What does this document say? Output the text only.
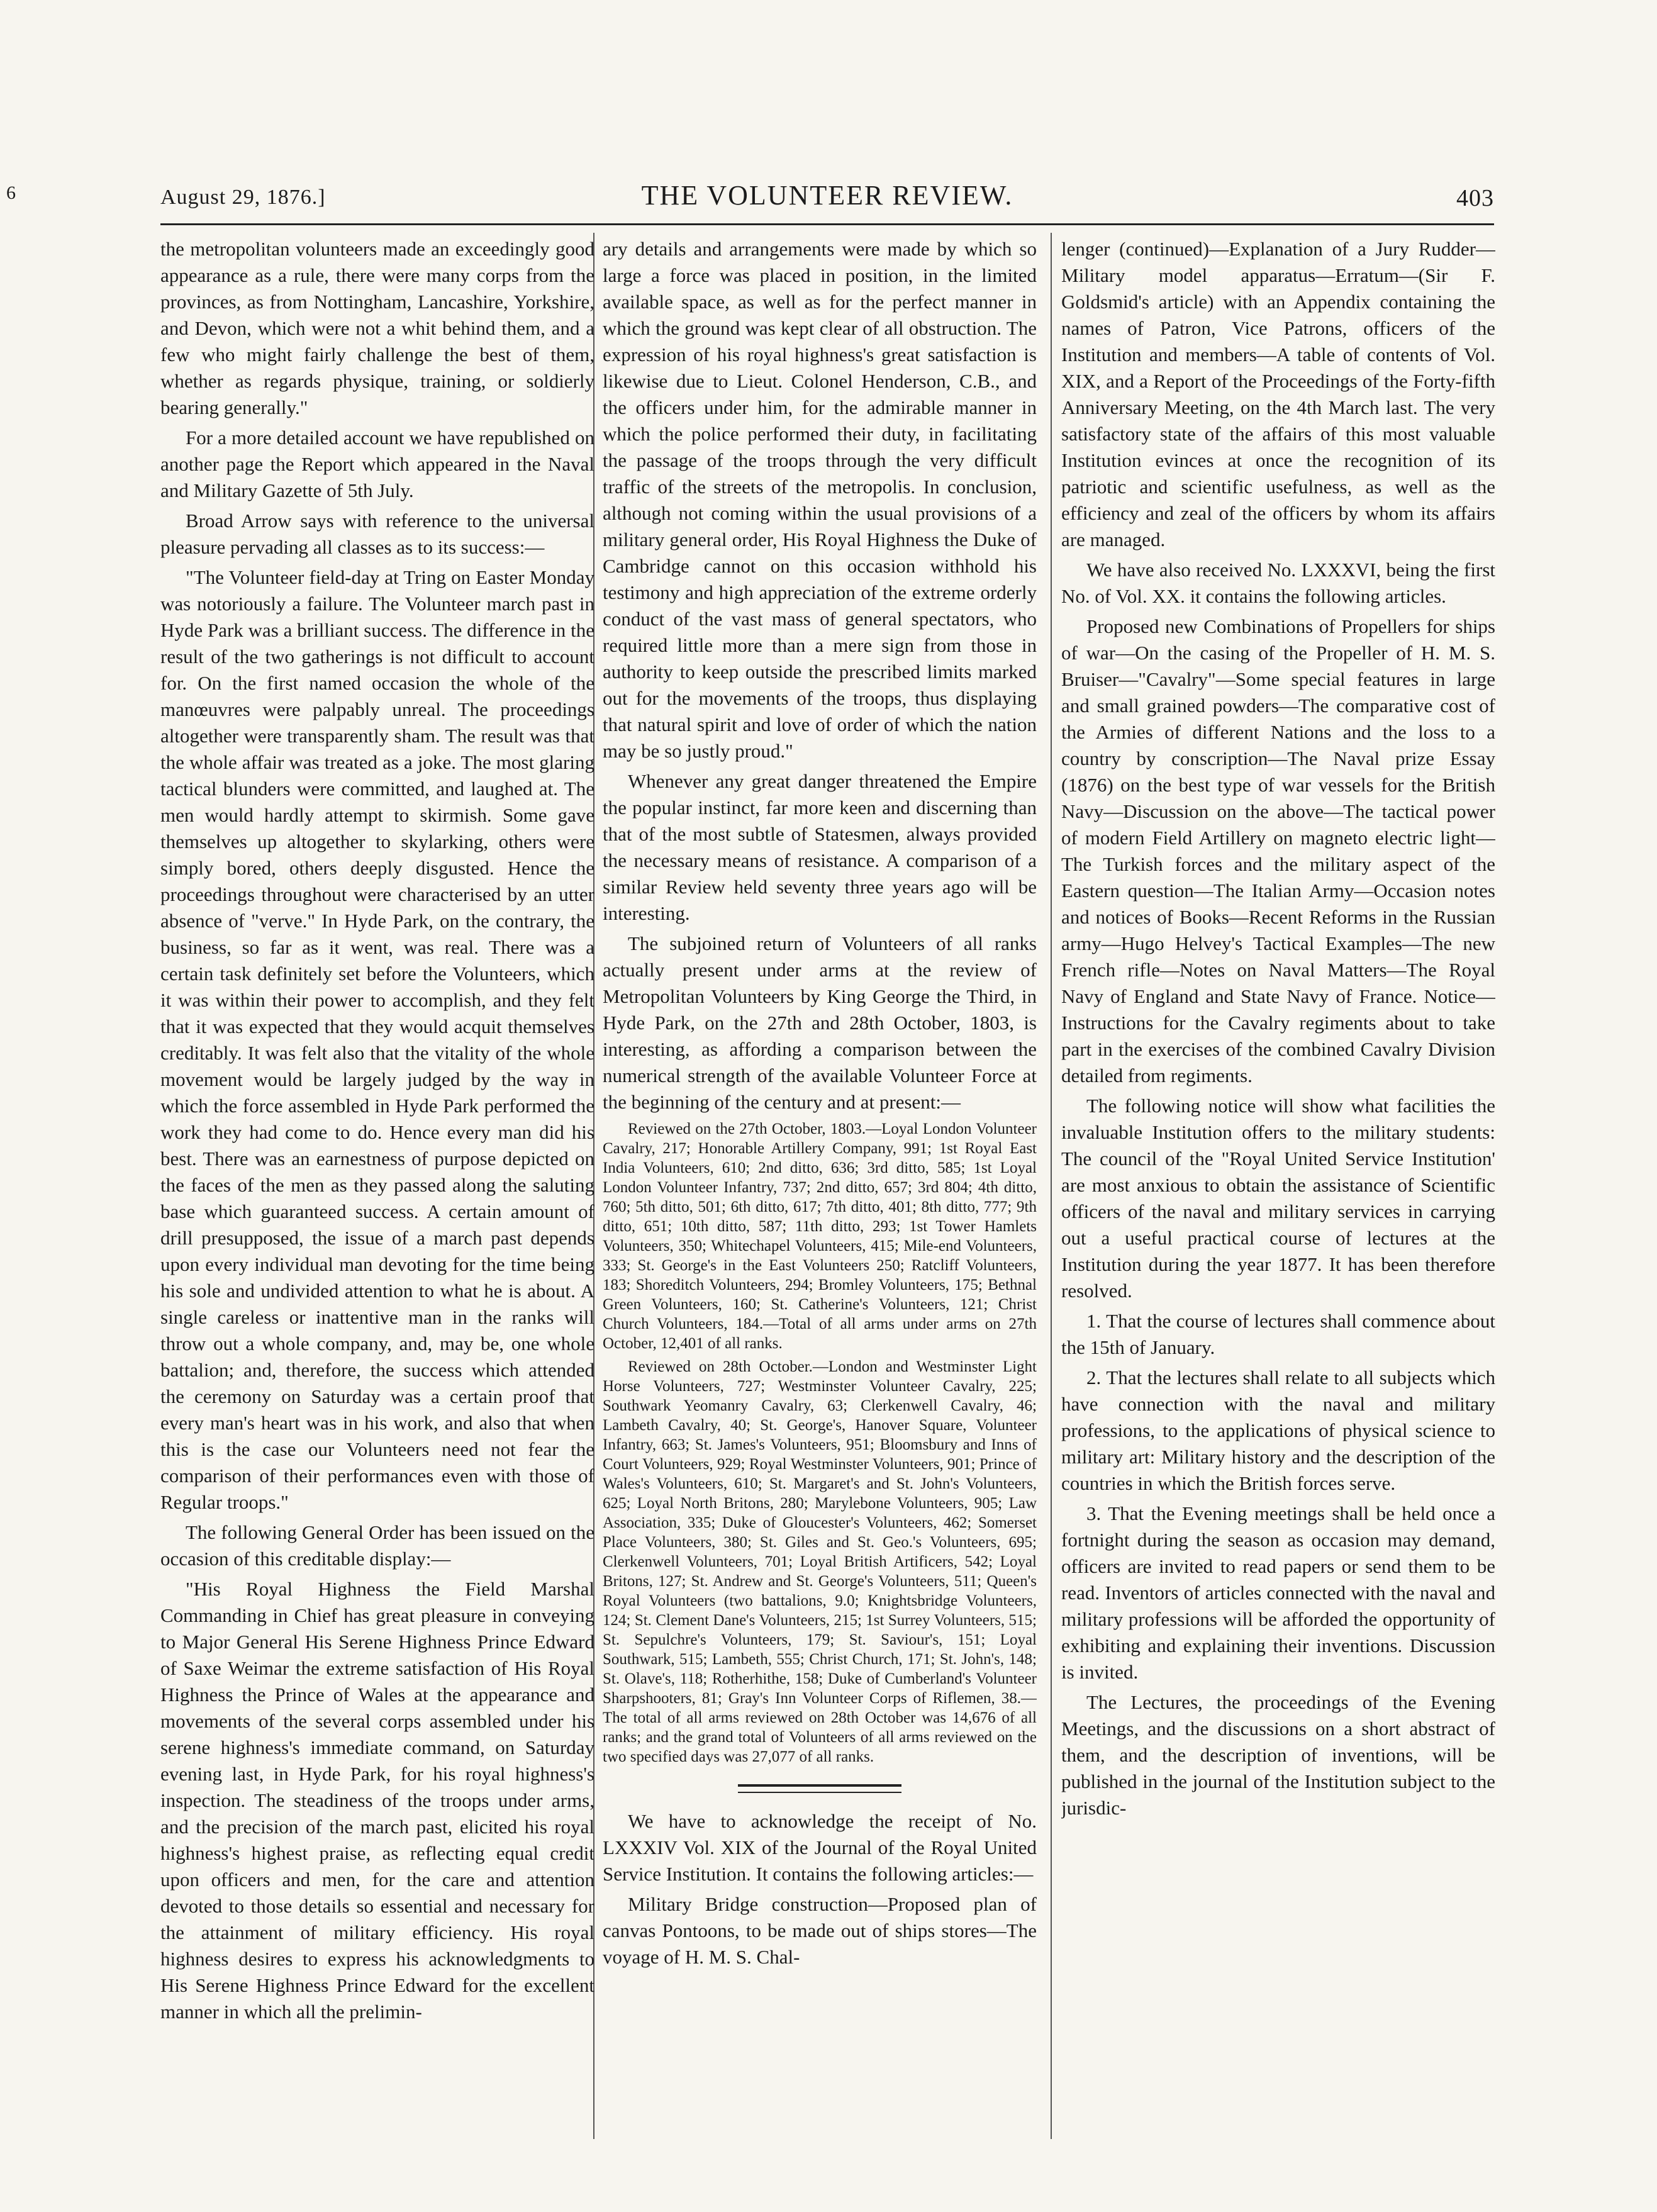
6	August 29, 1876.]	THE VOLUNTEER REVIEW.	403

the metropolitan volunteers made an exceedingly good appearance as a rule, there were many corps from the provinces, as from Nottingham, Lancashire, Yorkshire, and Devon, which were not a whit behind them, and a few who might fairly challenge the best of them, whether as regards physique, training, or soldierly bearing generally."

For a more detailed account we have republished on another page the Report which appeared in the Naval and Military Gazette of 5th July.

Broad Arrow says with reference to the universal pleasure pervading all classes as to its success:—

"The Volunteer field-day at Tring on Easter Monday was notoriously a failure. The Volunteer march past in Hyde Park was a brilliant success. The difference in the result of the two gatherings is not difficult to account for. On the first named occasion the whole of the manœuvres were palpably unreal. The proceedings altogether were transparently sham. The result was that the whole affair was treated as a joke. The most glaring tactical blunders were committed, and laughed at. The men would hardly attempt to skirmish. Some gave themselves up altogether to skylarking, others were simply bored, others deeply disgusted. Hence the proceedings throughout were characterised by an utter absence of "verve." In Hyde Park, on the contrary, the business, so far as it went, was real. There was a certain task definitely set before the Volunteers, which it was within their power to accomplish, and they felt that it was expected that they would acquit themselves creditably. It was felt also that the vitality of the whole movement would be largely judged by the way in which the force assembled in Hyde Park performed the work they had come to do. Hence every man did his best. There was an earnestness of purpose depicted on the faces of the men as they passed along the saluting base which guaranteed success. A certain amount of drill presupposed, the issue of a march past depends upon every individual man devoting for the time being his sole and undivided attention to what he is about. A single careless or inattentive man in the ranks will throw out a whole company, and, may be, one whole battalion; and, therefore, the success which attended the ceremony on Saturday was a certain proof that every man's heart was in his work, and also that when this is the case our Volunteers need not fear the comparison of their performances even with those of Regular troops."

The following General Order has been issued on the occasion of this creditable display:—

"His Royal Highness the Field Marshal Commanding in Chief has great pleasure in conveying to Major General His Serene Highness Prince Edward of Saxe Weimar the extreme satisfaction of His Royal Highness the Prince of Wales at the appearance and movements of the several corps assembled under his serene highness's immediate command, on Saturday evening last, in Hyde Park, for his royal highness's inspection. The steadiness of the troops under arms, and the precision of the march past, elicited his royal highness's highest praise, as reflecting equal credit upon officers and men, for the care and attention devoted to those details so essential and necessary for the attainment of military efficiency. His royal highness desires to express his acknowledgments to His Serene Highness Prince Edward for the excellent manner in which all the prelimin-

ary details and arrangements were made by which so large a force was placed in position, in the limited available space, as well as for the perfect manner in which the ground was kept clear of all obstruction. The expression of his royal highness's great satisfaction is likewise due to Lieut. Colonel Henderson, C.B., and the officers under him, for the admirable manner in which the police performed their duty, in facilitating the passage of the troops through the very difficult traffic of the streets of the metropolis. In conclusion, although not coming within the usual provisions of a military general order, His Royal Highness the Duke of Cambridge cannot on this occasion withhold his testimony and high appreciation of the extreme orderly conduct of the vast mass of general spectators, who required little more than a mere sign from those in authority to keep outside the prescribed limits marked out for the movements of the troops, thus displaying that natural spirit and love of order of which the nation may be so justly proud."

Whenever any great danger threatened the Empire the popular instinct, far more keen and discerning than that of the most subtle of Statesmen, always provided the necessary means of resistance. A comparison of a similar Review held seventy three years ago will be interesting.

The subjoined return of Volunteers of all ranks actually present under arms at the review of Metropolitan Volunteers by King George the Third, in Hyde Park, on the 27th and 28th October, 1803, is interesting, as affording a comparison between the numerical strength of the available Volunteer Force at the beginning of the century and at present:—

Reviewed on the 27th October, 1803.—Loyal London Volunteer Cavalry, 217; Honorable Artillery Company, 991; 1st Royal East India Volunteers, 610; 2nd ditto, 636; 3rd ditto, 585; 1st Loyal London Volunteer Infantry, 737; 2nd ditto, 657; 3rd 804; 4th ditto, 760; 5th ditto, 501; 6th ditto, 617; 7th ditto, 401; 8th ditto, 777; 9th ditto, 651; 10th ditto, 587; 11th ditto, 293; 1st Tower Hamlets Volunteers, 350; Whitechapel Volunteers, 415; Mile-end Volunteers, 333; St. George's in the East Volunteers 250; Ratcliff Volunteers, 183; Shoreditch Volunteers, 294; Bromley Volunteers, 175; Bethnal Green Volunteers, 160; St. Catherine's Volunteers, 121; Christ Church Volunteers, 184.—Total of all arms under arms on 27th October, 12,401 of all ranks.

Reviewed on 28th October.—London and Westminster Light Horse Volunteers, 727; Westminster Volunteer Cavalry, 225; Southwark Yeomanry Cavalry, 63; Clerkenwell Cavalry, 46; Lambeth Cavalry, 40; St. George's, Hanover Square, Volunteer Infantry, 663; St. James's Volunteers, 951; Bloomsbury and Inns of Court Volunteers, 929; Royal Westminster Volunteers, 901; Prince of Wales's Volunteers, 610; St. Margaret's and St. John's Volunteers, 625; Loyal North Britons, 280; Marylebone Volunteers, 905; Law Association, 335; Duke of Gloucester's Volunteers, 462; Somerset Place Volunteers, 380; St. Giles and St. Geo.'s Volunteers, 695; Clerkenwell Volunteers, 701; Loyal British Artificers, 542; Loyal Britons, 127; St. Andrew and St. George's Volunteers, 511; Queen's Royal Volunteers (two battalions, 9.0; Knightsbridge Volunteers, 124; St. Clement Dane's Volunteers, 215; 1st Surrey Volunteers, 515; St. Sepulchre's Volunteers, 179; St. Saviour's, 151; Loyal Southwark, 515; Lambeth, 555; Christ Church, 171; St. John's, 148; St. Olave's, 118; Rotherhithe, 158; Duke of Cumberland's Volunteer Sharpshooters, 81; Gray's Inn Volunteer Corps of Riflemen, 38.—The total of all arms reviewed on 28th October was 14,676 of all ranks; and the grand total of Volunteers of all arms reviewed on the two specified days was 27,077 of all ranks.

We have to acknowledge the receipt of No. LXXXIV Vol. XIX of the Journal of the Royal United Service Institution. It contains the following articles:—

Military Bridge construction—Proposed plan of canvas Pontoons, to be made out of ships stores—The voyage of H. M. S. Chal-

lenger (continued)—Explanation of a Jury Rudder—Military model apparatus—Erratum—(Sir F. Goldsmid's article) with an Appendix containing the names of Patron, Vice Patrons, officers of the Institution and members—A table of contents of Vol. XIX, and a Report of the Proceedings of the Forty-fifth Anniversary Meeting, on the 4th March last. The very satisfactory state of the affairs of this most valuable Institution evinces at once the recognition of its patriotic and scientific usefulness, as well as the efficiency and zeal of the officers by whom its affairs are managed.

We have also received No. LXXXVI, being the first No. of Vol. XX. it contains the following articles.

Proposed new Combinations of Propellers for ships of war—On the casing of the Propeller of H. M. S. Bruiser—"Cavalry"—Some special features in large and small grained powders—The comparative cost of the Armies of different Nations and the loss to a country by conscription—The Naval prize Essay (1876) on the best type of war vessels for the British Navy—Discussion on the above—The tactical power of modern Field Artillery on magneto electric light—The Turkish forces and the military aspect of the Eastern question—The Italian Army—Occasion notes and notices of Books—Recent Reforms in the Russian army—Hugo Helvey's Tactical Examples—The new French rifle—Notes on Naval Matters—The Royal Navy of England and State Navy of France. Notice—Instructions for the Cavalry regiments about to take part in the exercises of the combined Cavalry Division detailed from regiments.

The following notice will show what facilities the invaluable Institution offers to the military students: The council of the "Royal United Service Institution' are most anxious to obtain the assistance of Scientific officers of the naval and military services in carrying out a useful practical course of lectures at the Institution during the year 1877. It has been therefore resolved.

1. That the course of lectures shall commence about the 15th of January.

2. That the lectures shall relate to all subjects which have connection with the naval and military professions, to the applications of physical science to military art: Military history and the description of the countries in which the British forces serve.

3. That the Evening meetings shall be held once a fortnight during the season as occasion may demand, officers are invited to read papers or send them to be read. Inventors of articles connected with the naval and military professions will be afforded the opportunity of exhibiting and explaining their inventions. Discussion is invited.

The Lectures, the proceedings of the Evening Meetings, and the discussions on a short abstract of them, and the description of inventions, will be published in the journal of the Institution subject to the jurisdic-
